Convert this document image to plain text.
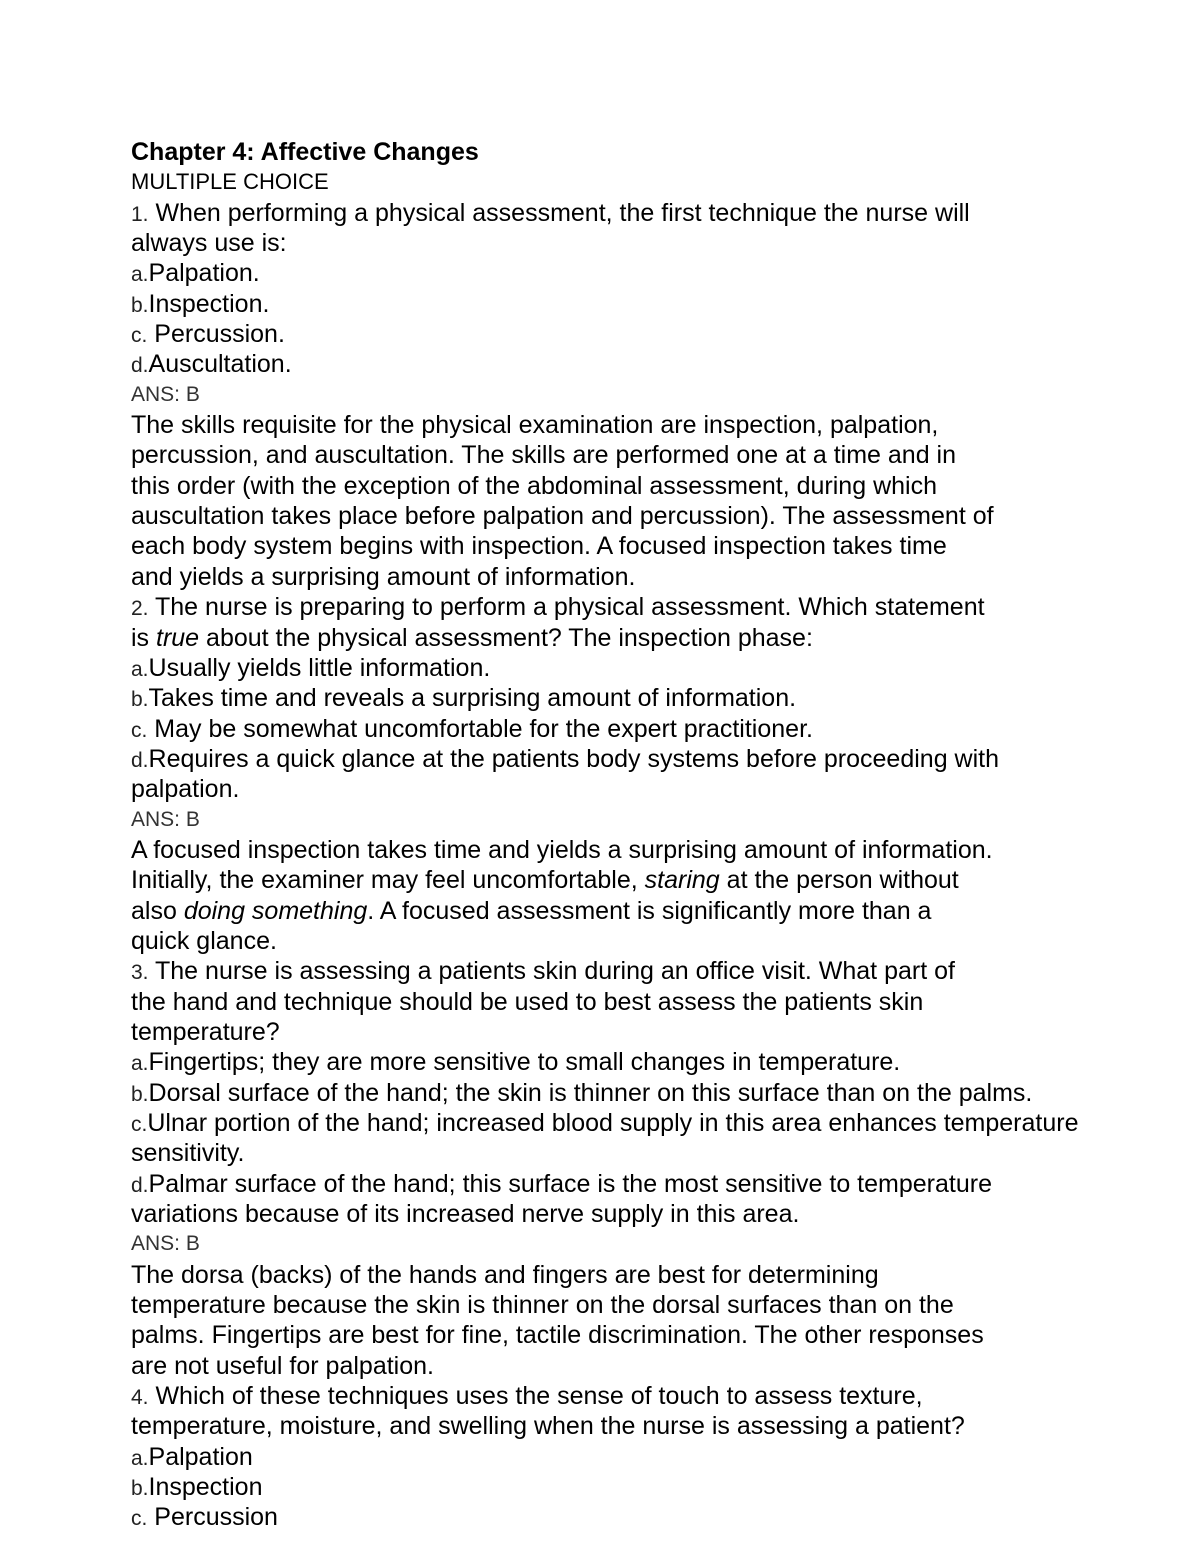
Chapter 4: Affective Changes
MULTIPLE CHOICE
1. When performing a physical assessment, the first technique the nurse will
always use is:
a.Palpation.
b.Inspection.
c. Percussion.
d.Auscultation.
ANS: B
The skills requisite for the physical examination are inspection, palpation,
percussion, and auscultation. The skills are performed one at a time and in
this order (with the exception of the abdominal assessment, during which
auscultation takes place before palpation and percussion). The assessment of
each body system begins with inspection. A focused inspection takes time
and yields a surprising amount of information.
2. The nurse is preparing to perform a physical assessment. Which statement
is true about the physical assessment? The inspection phase:
a.Usually yields little information.
b.Takes time and reveals a surprising amount of information.
c. May be somewhat uncomfortable for the expert practitioner.
d.Requires a quick glance at the patients body systems before proceeding with
palpation.
ANS: B
A focused inspection takes time and yields a surprising amount of information.
Initially, the examiner may feel uncomfortable, staring at the person without
also doing something. A focused assessment is significantly more than a
quick glance.
3. The nurse is assessing a patients skin during an office visit. What part of
the hand and technique should be used to best assess the patients skin
temperature?
a.Fingertips; they are more sensitive to small changes in temperature.
b.Dorsal surface of the hand; the skin is thinner on this surface than on the palms.
c.Ulnar portion of the hand; increased blood supply in this area enhances temperature
sensitivity.
d.Palmar surface of the hand; this surface is the most sensitive to temperature
variations because of its increased nerve supply in this area.
ANS: B
The dorsa (backs) of the hands and fingers are best for determining
temperature because the skin is thinner on the dorsal surfaces than on the
palms. Fingertips are best for fine, tactile discrimination. The other responses
are not useful for palpation.
4. Which of these techniques uses the sense of touch to assess texture,
temperature, moisture, and swelling when the nurse is assessing a patient?
a.Palpation
b.Inspection
c. Percussion
